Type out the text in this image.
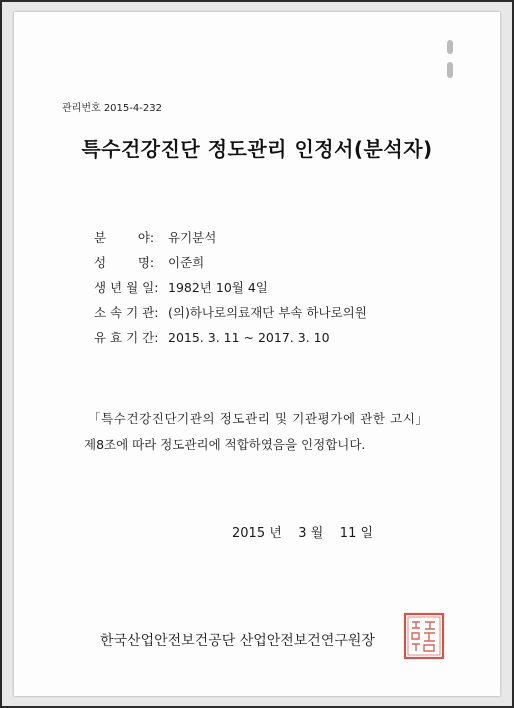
관리번호 2015-4-232
특수건강진단 정도관리 인정서(분석자)
분        야: 유기분석
성        명: 이준희
생 년 월 일: 1982년 10월 4일
소 속 기 관: (의)하나로의료재단 부속 하나로의원
유 효 기 간: 2015. 3. 11 ~ 2017. 3. 10
「특수건강진단기관의 정도관리 및 기관평가에 관한 고시」
제8조에 따라 정도관리에 적합하였음을 인정합니다.
2015 년    3 월    11 일
한국산업안전보건공단 산업안전보건연구원장
